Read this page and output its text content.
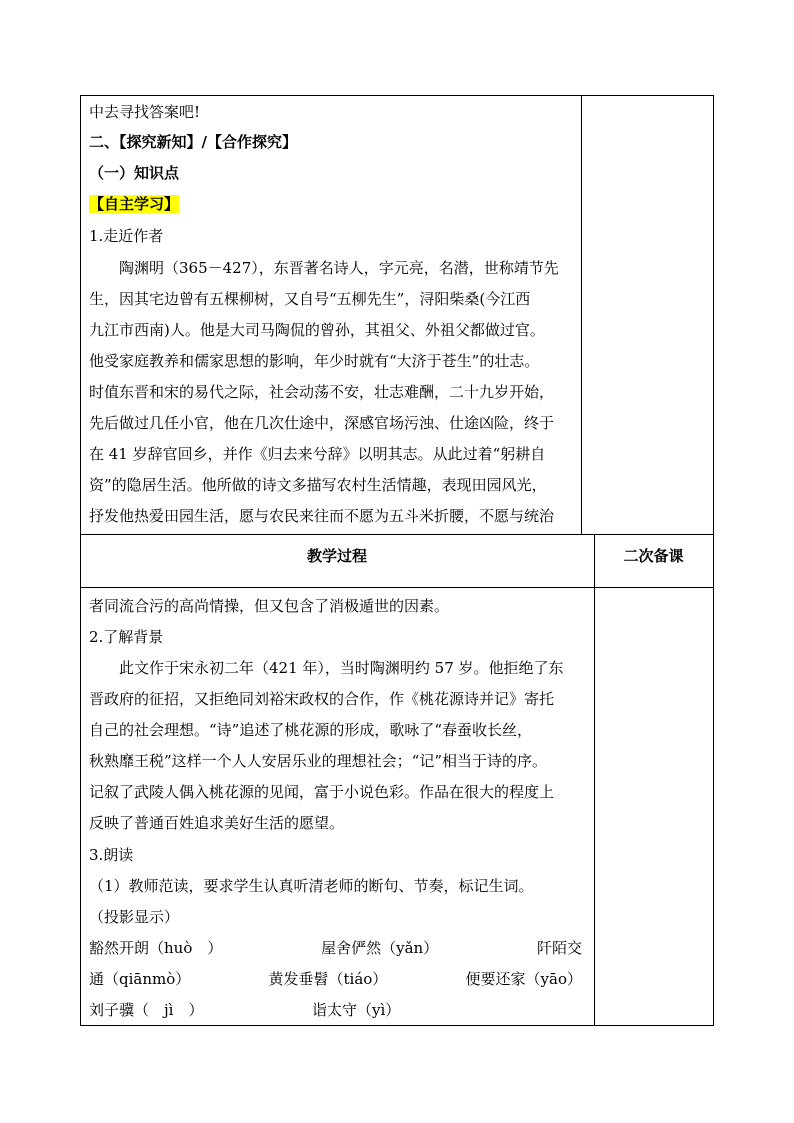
中去寻找答案吧!
二、【探究新知】/【合作探究】
（一）知识点
【自主学习】
1.走近作者
陶渊明（365－427），东晋著名诗人，字元亮，名潜，世称靖节先
生，因其宅边曾有五棵柳树，又自号“五柳先生”，浔阳柴桑(今江西
九江市西南)人。他是大司马陶侃的曾孙，其祖父、外祖父都做过官。
他受家庭教养和儒家思想的影响，年少时就有“大济于苍生”的壮志。
时值东晋和宋的易代之际，社会动荡不安，壮志难酬，二十九岁开始，
先后做过几任小官，他在几次仕途中，深感官场污浊、仕途凶险，终于
在 41 岁辞官回乡，并作《归去来兮辞》以明其志。从此过着“躬耕自
资”的隐居生活。他所做的诗文多描写农村生活情趣，表现田园风光，
抒发他热爱田园生活，愿与农民来往而不愿为五斗米折腰，不愿与统治
教学过程	二次备课
者同流合污的高尚情操，但又包含了消极遁世的因素。
2.了解背景
此文作于宋永初二年（421 年），当时陶渊明约 57 岁。他拒绝了东
晋政府的征招，又拒绝同刘裕宋政权的合作，作《桃花源诗并记》寄托
自己的社会理想。“诗”追述了桃花源的形成，歌咏了“春蚕收长丝，
秋熟靡王税”这样一个人人安居乐业的理想社会；“记”相当于诗的序。
记叙了武陵人偶入桃花源的见闻，富于小说色彩。作品在很大的程度上
反映了普通百姓追求美好生活的愿望。
3.朗读
（1）教师范读，要求学生认真听清老师的断句、节奏，标记生词。
（投影显示）
豁然开朗（huò　）	屋舍俨然（yǎn）	阡陌交
通（qiānmò）	黄发垂髫（tiáo）	便要还家（yāo）
刘子骥（　jì　）	诣太守（yì）
